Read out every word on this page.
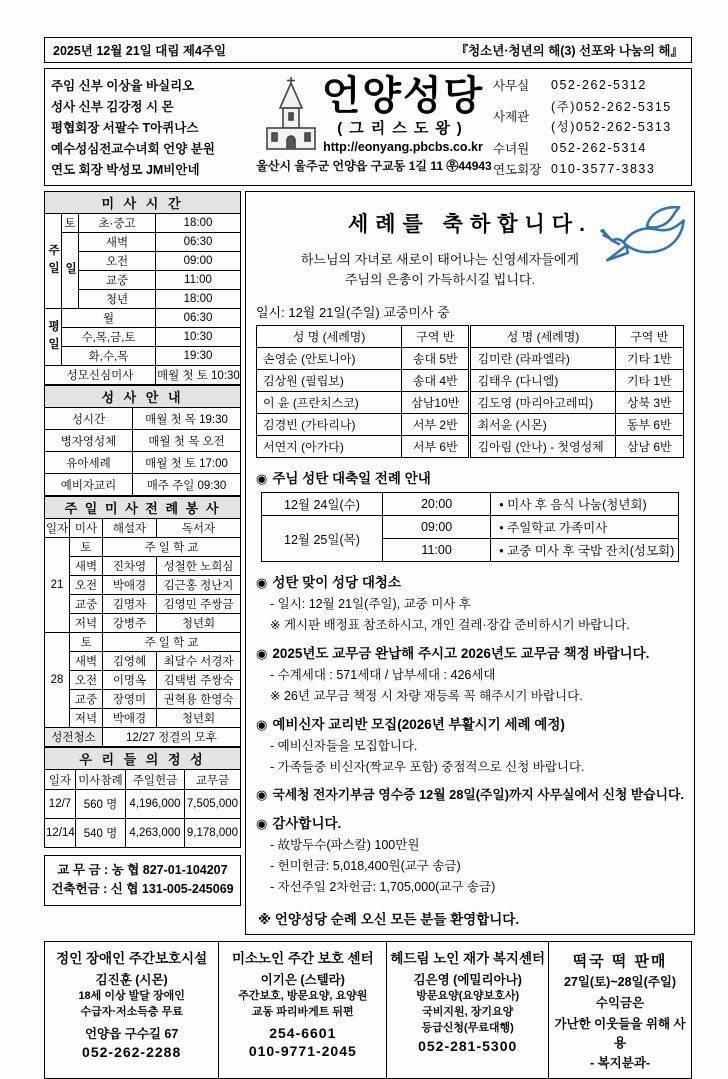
2025년 12월 21일 대림 제4주일	『청소년·청년의 해(3) 선포와 나눔의 해』
주임 신부 이상율 바실리오
성사 신부 김강정 시 몬
평협회장 서팔수 T아퀴나스
예수성심전교수녀회 언양 분원
연도 회장 박성모 JM비안네
언양성당
(그리스도왕)
http://eonyang.pbcbs.co.kr
울산시 울주군 언양읍 구교동 1길 11 ㉾44943
사무실	052-262-5312
사제관
(주)052-262-5315
(성)052-262-5313
수녀원	052-262-5314
연도회장 010-3577-3833
미 사 시 간			
주일	토	초·중고	18:00
	일	새벽	06:30
		오전	09:00
		교중	11:00
		청년	18:00
평일	월		06:30
	수,목,금,토		10:30
	화,수,목		19:30
성모신심미사			매월 첫 토 10:30
성 사 안 내	
성시간	매월 첫 목 19:30
병자영성체	매월 첫 목 오전
유아세례	매월 첫 토 17:00
예비자교리	매주 주일 09:30
주 일 미 사 전 례 봉 사			
일자	미사	해설자	독서자
21	토	주 일 학 교	
	새벽	진차영	성철한 노희심
	오전	박애경	김근홍 정난지
	교중	김명자	김영민 주쌍금
	저녁	강병주	청년회
28	토	주 일 학 교	
	새벽	김영혜	최달수 서경자
	오전	이명옥	김택범 주쌍숙
	교중	장영미	권혁용 한영숙
	저녁	박애경	청년회
성전청소		12/27 정결의 모후	
우 리 들 의 정 성			
일자	미사참례	주일헌금	교무금
12/7	560 명	4,196,000	7,505,000
12/14	540 명	4,263,000	9,178,000
교 무 금 : 농 협 827-01-104207
건축헌금 : 신 협 131-005-245069
세례를 축하합니다.
하느님의 자녀로 새로이 태어나는 신영세자들에게
주님의 은총이 가득하시길 빕니다.
일시: 12월 21일(주일) 교중미사 중
성 명 (세례명)	구역 반	성 명 (세례명)	구역 반
손영순 (안토니아)	송대 5반	김미란 (라파엘라)	기타 1반
김상원 (필립보)	송대 4반	김태우 (다니엘)	기타 1반
이 윤 (프란치스코)	삼남10반	김도영 (마리아고레띠)	상북 3반
김경빈 (가타리나)	서부 2반	최서윤 (시몬)	동부 6반
서연지 (아가다)	서부 6반	김아림 (안나) - 첫영성체	삼남 6반
◉ 주님 성탄 대축일 전례 안내
12월 24일(수)	20:00	• 미사 후 음식 나눔(청년회)
12월 25일(목)	09:00	• 주일학교 가족미사
	11:00	• 교중 미사 후 국밥 잔치(성모회)
◉ 성탄 맞이 성당 대청소
- 일시: 12월 21일(주일), 교중 미사 후
※ 게시판 배정표 참조하시고, 개인 걸레·장갑 준비하시기 바랍니다.
◉ 2025년도 교무금 완납해 주시고 2026년도 교무금 책정 바랍니다.
- 수계세대 : 571세대 / 납부세대 : 426세대
※ 26년 교무금 책정 시 차량 재등록 꼭 해주시기 바랍니다.
◉ 예비신자 교리반 모집(2026년 부활시기 세례 예정)
- 예비신자들을 모집합니다.
- 가족들중 비신자(짝교우 포함) 중점적으로 신청 바랍니다.
◉ 국세청 전자기부금 영수증 12월 28일(주일)까지 사무실에서 신청 받습니다.
◉ 감사합니다.
- 故방두수(파스칼) 100만원
- 헌미헌금: 5,018,400원(교구 송금)
- 자선주일 2차헌금: 1,705,000(교구 송금)
※ 언양성당 순례 오신 모든 분들 환영합니다.
정인 장애인 주간보호시설
김진훈 (시몬)
18세 이상 발달 장애인
수급자·저소득층 무료
언양읍 구수길 67
052-262-2288
미소노인 주간 보호 센터
이기은 (스텔라)
주간보호, 방문요양, 요양원
교동 파리바게트 뒤편
254-6601
010-9771-2045
헤드림 노인 재가 복지센터
김은영 (에밀리아나)
방문요양(요양보호사)
국비지원, 장기요양
등급신청(무료대행)
052-281-5300
떡국 떡 판매
27일(토)~28일(주일)
수익금은
가난한 이웃들을 위해 사용
- 복지분과-
